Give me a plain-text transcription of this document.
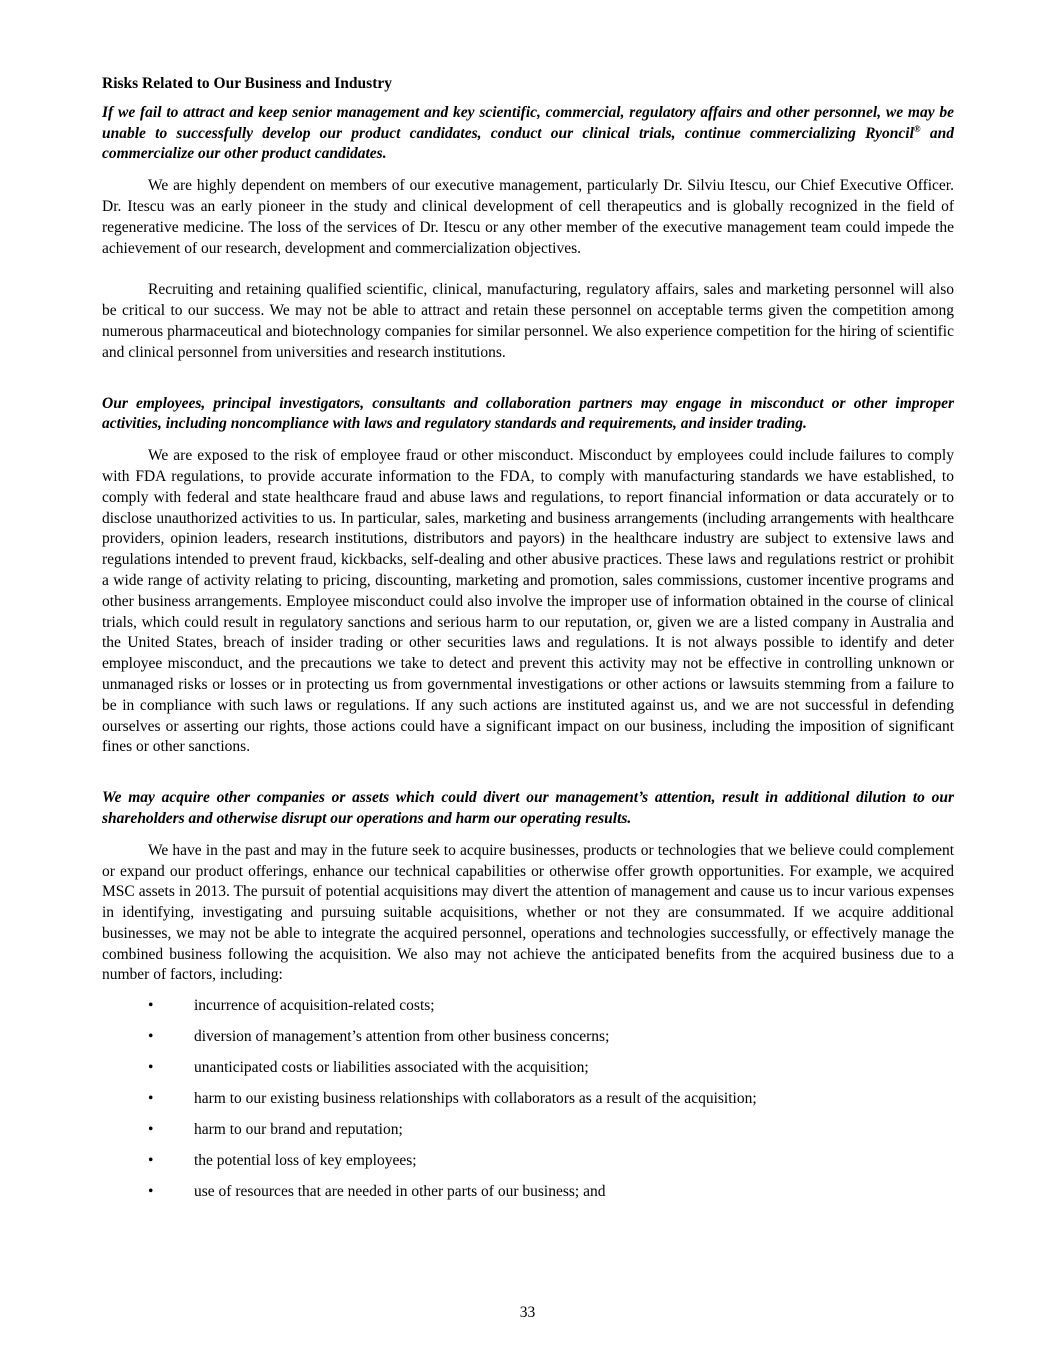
Risks Related to Our Business and Industry
If we fail to attract and keep senior management and key scientific, commercial, regulatory affairs and other personnel, we may be unable to successfully develop our product candidates, conduct our clinical trials, continue commercializing Ryoncil® and commercialize our other product candidates.

We are highly dependent on members of our executive management, particularly Dr. Silviu Itescu, our Chief Executive Officer. Dr. Itescu was an early pioneer in the study and clinical development of cell therapeutics and is globally recognized in the field of regenerative medicine. The loss of the services of Dr. Itescu or any other member of the executive management team could impede the achievement of our research, development and commercialization objectives.

Recruiting and retaining qualified scientific, clinical, manufacturing, regulatory affairs, sales and marketing personnel will also be critical to our success. We may not be able to attract and retain these personnel on acceptable terms given the competition among numerous pharmaceutical and biotechnology companies for similar personnel. We also experience competition for the hiring of scientific and clinical personnel from universities and research institutions.

Our employees, principal investigators, consultants and collaboration partners may engage in misconduct or other improper activities, including noncompliance with laws and regulatory standards and requirements, and insider trading.

We are exposed to the risk of employee fraud or other misconduct. Misconduct by employees could include failures to comply with FDA regulations, to provide accurate information to the FDA, to comply with manufacturing standards we have established, to comply with federal and state healthcare fraud and abuse laws and regulations, to report financial information or data accurately or to disclose unauthorized activities to us. In particular, sales, marketing and business arrangements (including arrangements with healthcare providers, opinion leaders, research institutions, distributors and payors) in the healthcare industry are subject to extensive laws and regulations intended to prevent fraud, kickbacks, self-dealing and other abusive practices. These laws and regulations restrict or prohibit a wide range of activity relating to pricing, discounting, marketing and promotion, sales commissions, customer incentive programs and other business arrangements. Employee misconduct could also involve the improper use of information obtained in the course of clinical trials, which could result in regulatory sanctions and serious harm to our reputation, or, given we are a listed company in Australia and the United States, breach of insider trading or other securities laws and regulations. It is not always possible to identify and deter employee misconduct, and the precautions we take to detect and prevent this activity may not be effective in controlling unknown or unmanaged risks or losses or in protecting us from governmental investigations or other actions or lawsuits stemming from a failure to be in compliance with such laws or regulations. If any such actions are instituted against us, and we are not successful in defending ourselves or asserting our rights, those actions could have a significant impact on our business, including the imposition of significant fines or other sanctions.

We may acquire other companies or assets which could divert our management’s attention, result in additional dilution to our shareholders and otherwise disrupt our operations and harm our operating results.

We have in the past and may in the future seek to acquire businesses, products or technologies that we believe could complement or expand our product offerings, enhance our technical capabilities or otherwise offer growth opportunities. For example, we acquired MSC assets in 2013. The pursuit of potential acquisitions may divert the attention of management and cause us to incur various expenses in identifying, investigating and pursuing suitable acquisitions, whether or not they are consummated. If we acquire additional businesses, we may not be able to integrate the acquired personnel, operations and technologies successfully, or effectively manage the combined business following the acquisition. We also may not achieve the anticipated benefits from the acquired business due to a number of factors, including:

•	incurrence of acquisition-related costs;
•	diversion of management’s attention from other business concerns;
•	unanticipated costs or liabilities associated with the acquisition;
•	harm to our existing business relationships with collaborators as a result of the acquisition;
•	harm to our brand and reputation;
•	the potential loss of key employees;
•	use of resources that are needed in other parts of our business; and
33
